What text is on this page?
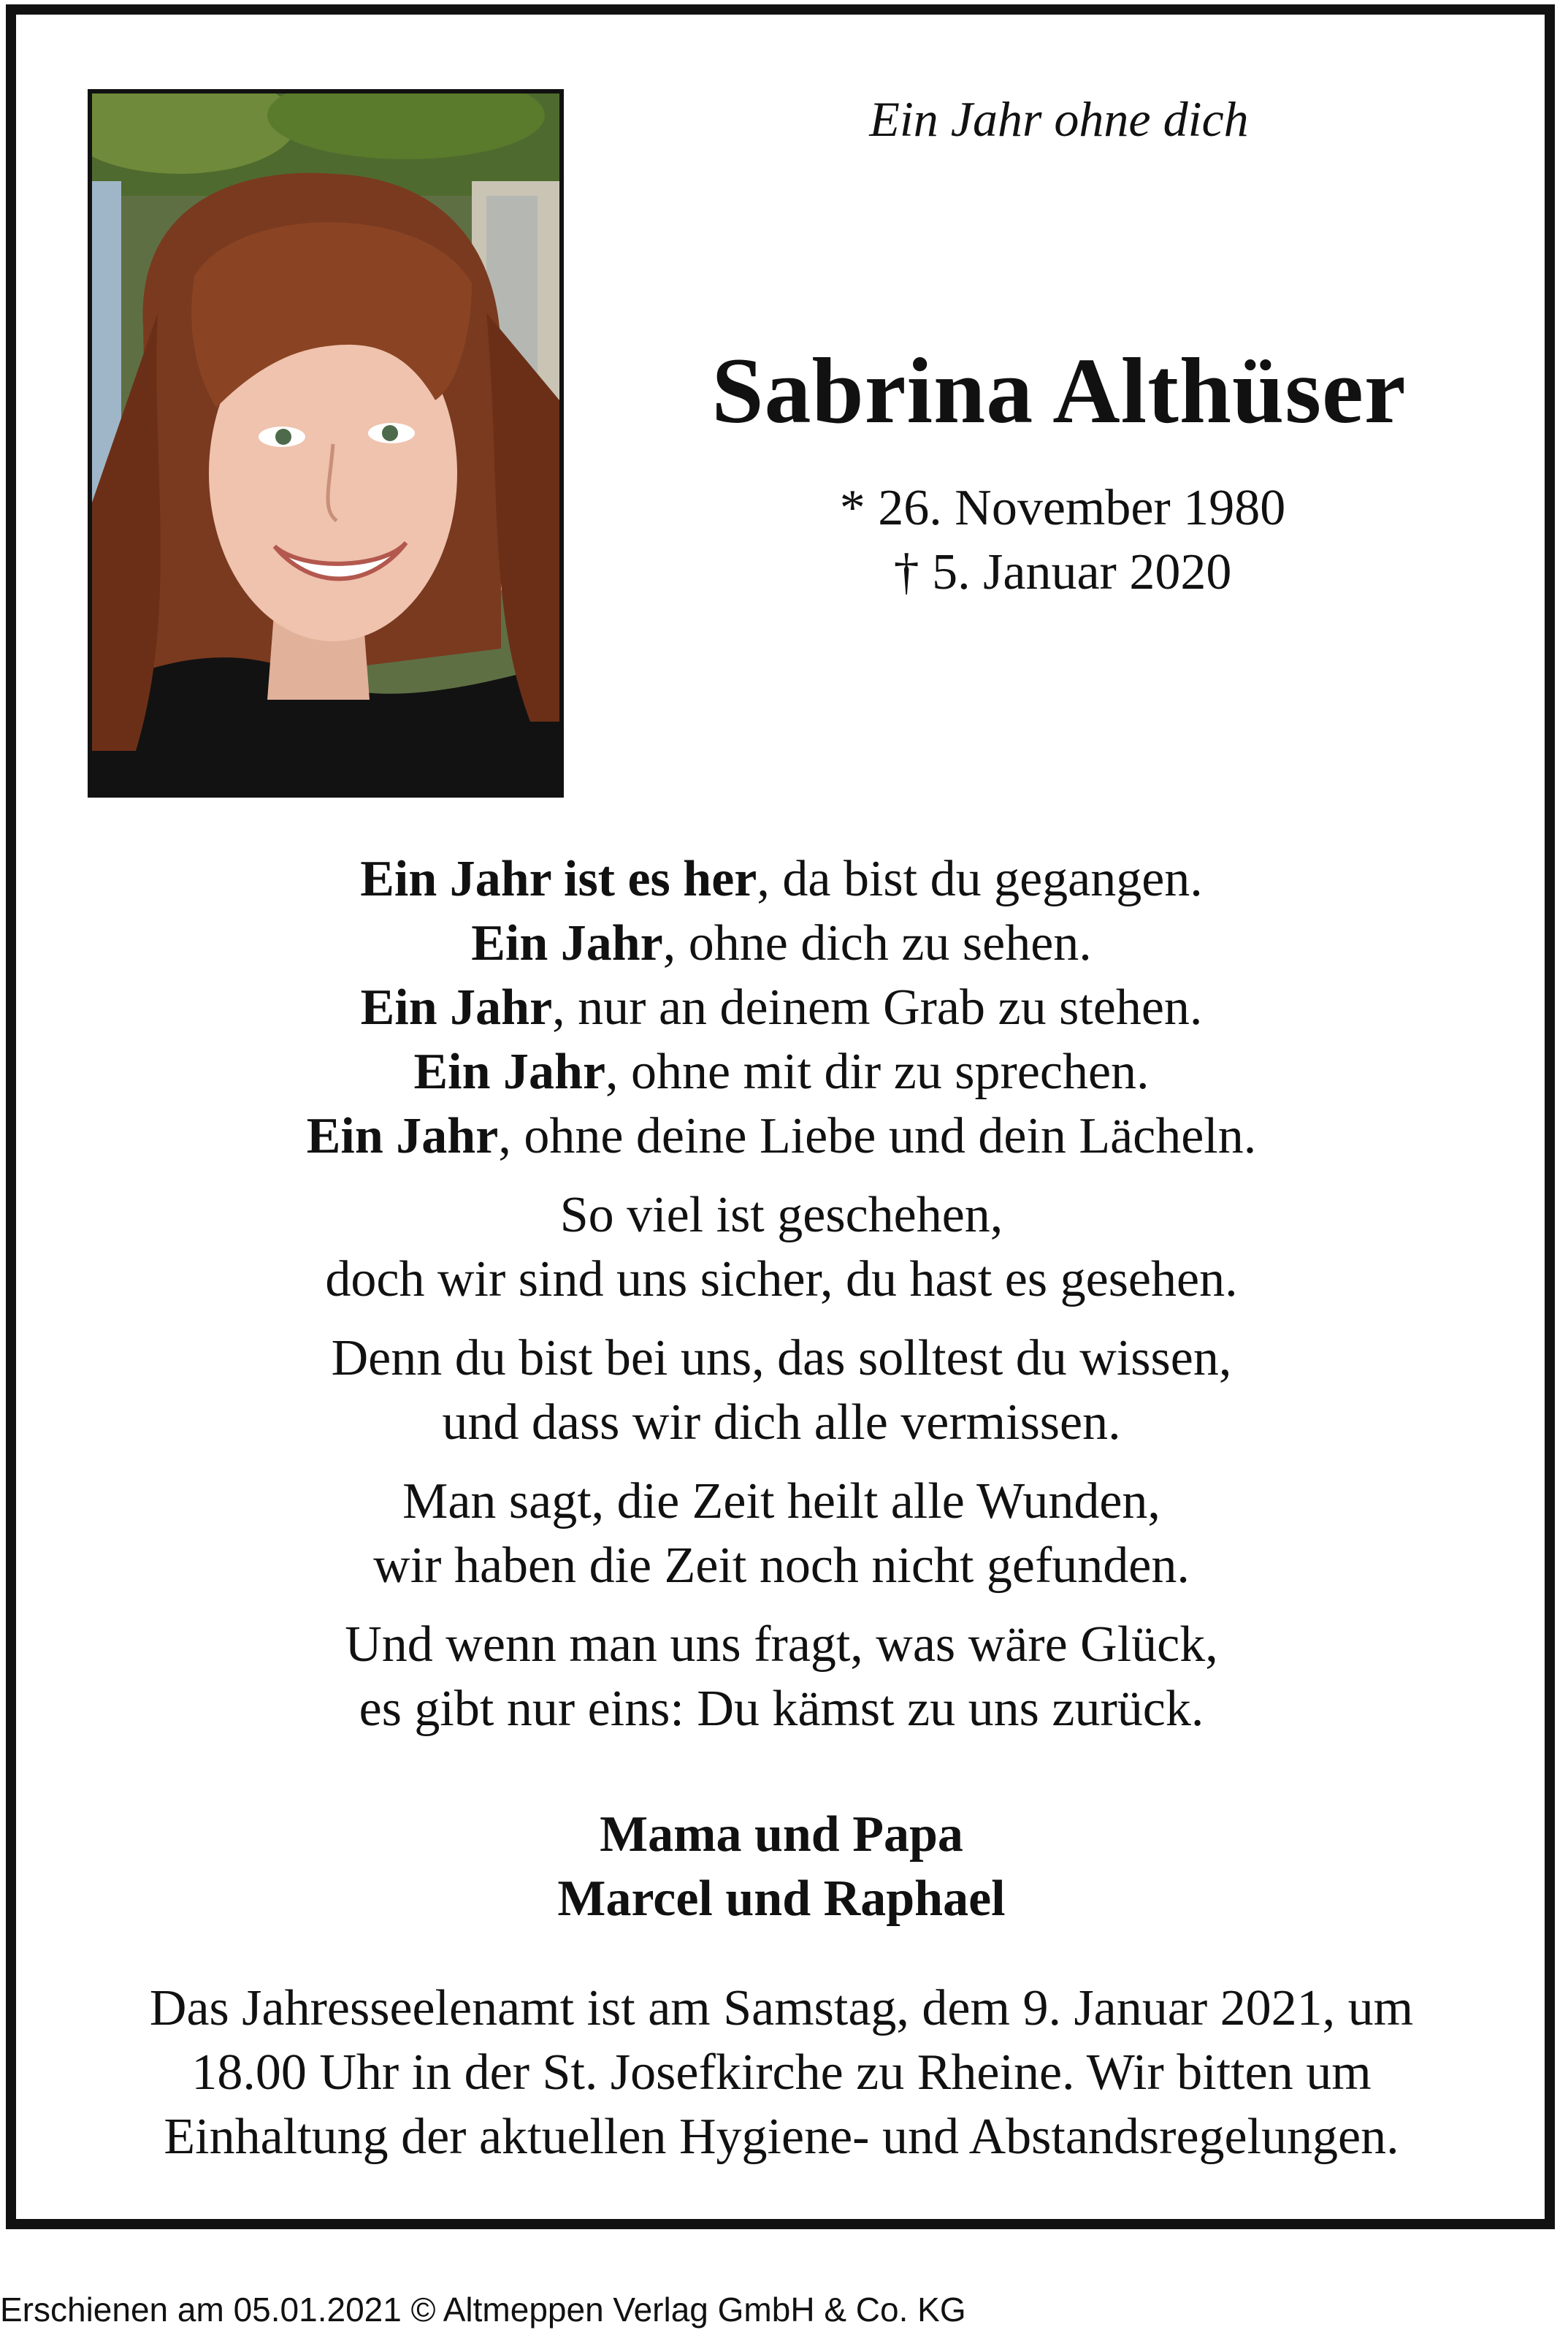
Ein Jahr ohne dich
Sabrina Althüser
* 26. November 1980
† 5. Januar 2020
Ein Jahr ist es her, da bist du gegangen.
Ein Jahr, ohne dich zu sehen.
Ein Jahr, nur an deinem Grab zu stehen.
Ein Jahr, ohne mit dir zu sprechen.
Ein Jahr, ohne deine Liebe und dein Lächeln.
So viel ist geschehen,
doch wir sind uns sicher, du hast es gesehen.
Denn du bist bei uns, das solltest du wissen,
und dass wir dich alle vermissen.
Man sagt, die Zeit heilt alle Wunden,
wir haben die Zeit noch nicht gefunden.
Und wenn man uns fragt, was wäre Glück,
es gibt nur eins: Du kämst zu uns zurück.
Mama und Papa
Marcel und Raphael
Das Jahresseelenamt ist am Samstag, dem 9. Januar 2021, um
18.00 Uhr in der St. Josefkirche zu Rheine. Wir bitten um
Einhaltung der aktuellen Hygiene- und Abstandsregelungen.
Erschienen am 05.01.2021 © Altmeppen Verlag GmbH & Co. KG
